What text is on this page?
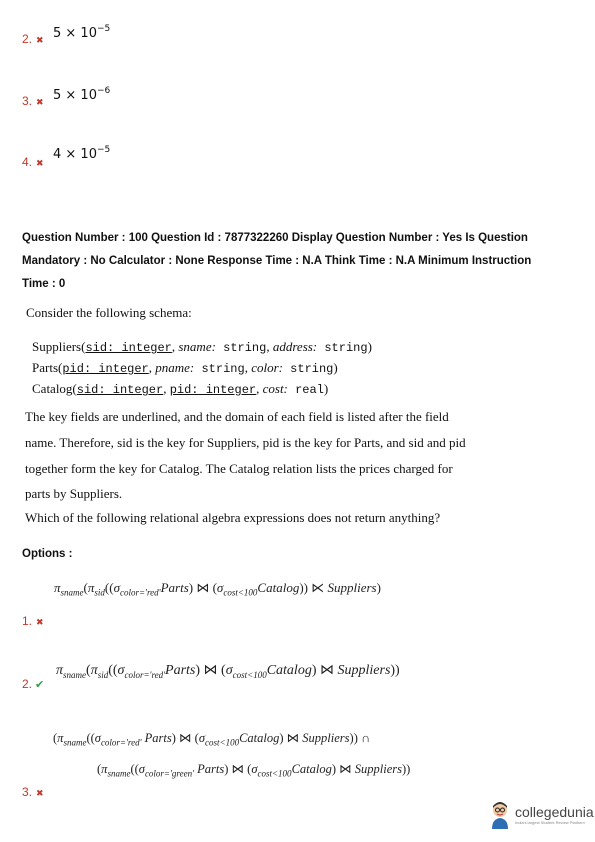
2. ✖ $5 \times 10^{-5}$
3. ✖ $5 \times 10^{-6}$
4. ✖
$4 \times 10^{-5}$
Question Number : 100 Question Id : 7877322260 Display Question Number : Yes Is Question
Mandatory : No Calculator : None Response Time : N.A Think Time : N.A Minimum Instruction
Time : 0
Consider the following schema:
Suppliers(sid: integer, sname: string, address: string)
Parts(pid: integer, pname: string, color: string)
Catalog(sid: integer, pid: integer, cost: real)
The key fields are underlined, and the domain of each field is listed after the field
name. Therefore, sid is the key for Suppliers, pid is the key for Parts, and sid and pid
together form the key for Catalog. The Catalog relation lists the prices charged for
parts by Suppliers.
Which of the following relational algebra expressions does not return anything?
Options :
$\pi_{sname}(\pi_{sid}((\sigma_{color='red'}Parts)$ ⋈ $(\sigma_{cost<100}Catalog)$) ⋉ Suppliers)
1. ✖
2. ✔
$\pi_{sname}(\pi_{sid}((\sigma_{color='red'}Parts)$ ⋈ $(\sigma_{cost<100}Catalog)$ ⋈ Suppliers))
($\pi_{sname}((\sigma_{color='red'}$ Parts) ⋈ $(\sigma_{cost<100}Catalog)$ ⋈ Suppliers)) ∩
($\pi_{sname}((\sigma_{color='green'}$ Parts) ⋈ $(\sigma_{cost<100}Catalog)$ ⋈ Suppliers))
3. ✖
collegedunia
India's largest Student Review Platform
